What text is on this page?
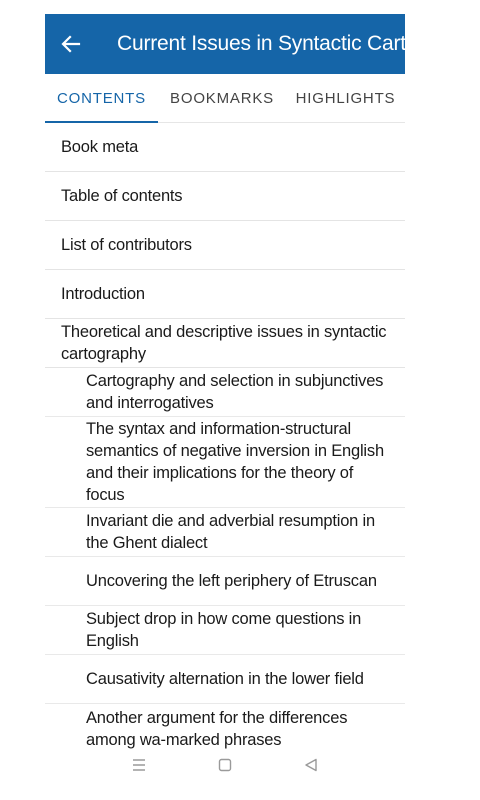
Current Issues in Syntactic Cartography
CONTENTS	BOOKMARKS	HIGHLIGHTS
Book meta
Table of contents
List of contributors
Introduction
Theoretical and descriptive issues in syntactic cartography
Cartography and selection in subjunctives and interrogatives
The syntax and information-structural semantics of negative inversion in English and their implications for the theory of focus
Invariant die and adverbial resumption in the Ghent dialect
Uncovering the left periphery of Etruscan
Subject drop in how come questions in English
Causativity alternation in the lower field
Another argument for the differences among wa-marked phrases
